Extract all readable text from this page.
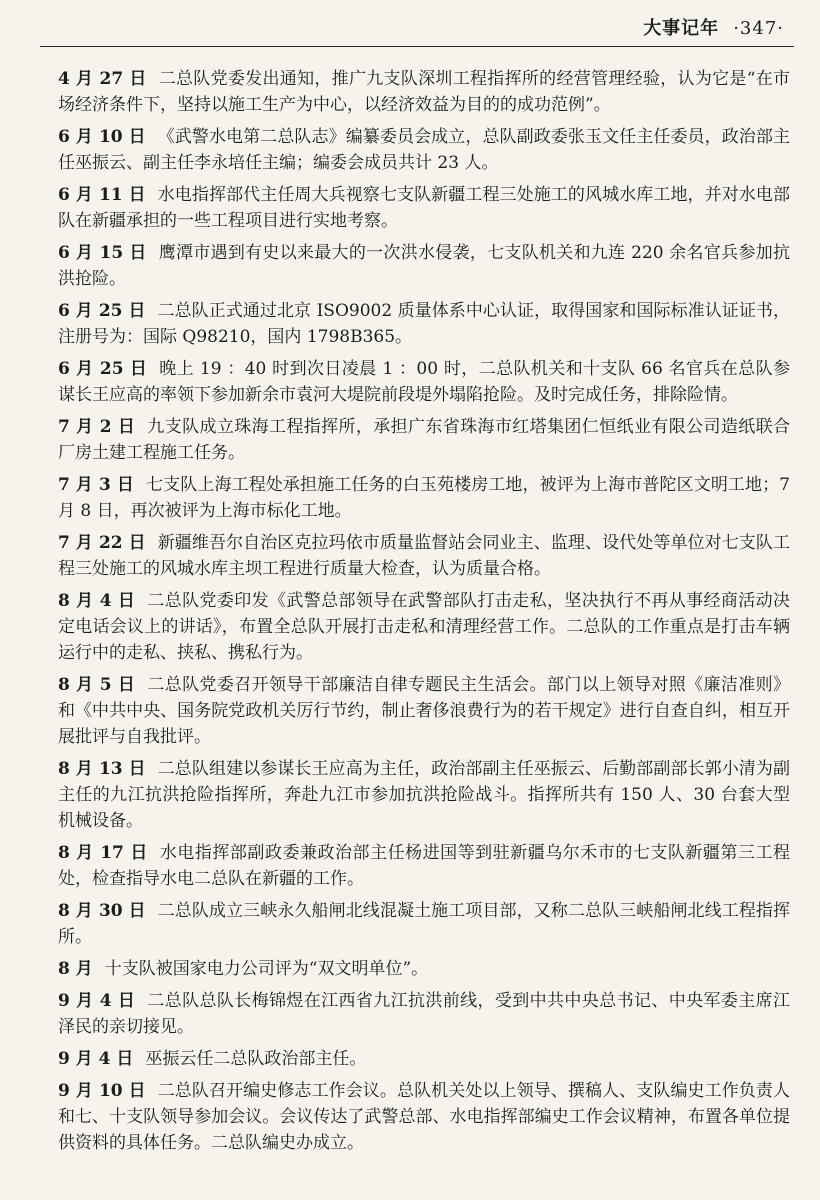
大事记年 ·347·

4 月 27 日 二总队党委发出通知，推广九支队深圳工程指挥所的经营管理经验，认为它是“在市场经济条件下，坚持以施工生产为中心，以经济效益为目的的成功范例”。

6 月 10 日 《武警水电第二总队志》编纂委员会成立，总队副政委张玉文任主任委员，政治部主任巫振云、副主任李永培任主编；编委会成员共计 23 人。

6 月 11 日 水电指挥部代主任周大兵视察七支队新疆工程三处施工的风城水库工地，并对水电部队在新疆承担的一些工程项目进行实地考察。

6 月 15 日 鹰潭市遇到有史以来最大的一次洪水侵袭，七支队机关和九连 220 余名官兵参加抗洪抢险。

6 月 25 日 二总队正式通过北京 ISO9002 质量体系中心认证，取得国家和国际标准认证证书，注册号为：国际 Q98210，国内 1798B365。

6 月 25 日 晚上 19 ：40 时到次日凌晨 1 ：00 时，二总队机关和十支队 66 名官兵在总队参谋长王应高的率领下参加新余市袁河大堤院前段堤外塌陷抢险。及时完成任务，排除险情。

7 月 2 日 九支队成立珠海工程指挥所，承担广东省珠海市红塔集团仁恒纸业有限公司造纸联合厂房土建工程施工任务。

7 月 3 日 七支队上海工程处承担施工任务的白玉苑楼房工地，被评为上海市普陀区文明工地；7 月 8 日，再次被评为上海市标化工地。

7 月 22 日 新疆维吾尔自治区克拉玛依市质量监督站会同业主、监理、设代处等单位对七支队工程三处施工的风城水库主坝工程进行质量大检查，认为质量合格。

8 月 4 日 二总队党委印发《武警总部领导在武警部队打击走私，坚决执行不再从事经商活动决定电话会议上的讲话》，布置全总队开展打击走私和清理经营工作。二总队的工作重点是打击车辆运行中的走私、挟私、携私行为。

8 月 5 日 二总队党委召开领导干部廉洁自律专题民主生活会。部门以上领导对照《廉洁准则》和《中共中央、国务院党政机关厉行节约，制止奢侈浪费行为的若干规定》进行自查自纠，相互开展批评与自我批评。

8 月 13 日 二总队组建以参谋长王应高为主任，政治部副主任巫振云、后勤部副部长郭小清为副主任的九江抗洪抢险指挥所，奔赴九江市参加抗洪抢险战斗。指挥所共有 150 人、30 台套大型机械设备。

8 月 17 日 水电指挥部副政委兼政治部主任杨进国等到驻新疆乌尔禾市的七支队新疆第三工程处，检查指导水电二总队在新疆的工作。

8 月 30 日 二总队成立三峡永久船闸北线混凝土施工项目部，又称二总队三峡船闸北线工程指挥所。

8 月 十支队被国家电力公司评为“双文明单位”。

9 月 4 日 二总队总队长梅锦煜在江西省九江抗洪前线，受到中共中央总书记、中央军委主席江泽民的亲切接见。

9 月 4 日 巫振云任二总队政治部主任。

9 月 10 日 二总队召开编史修志工作会议。总队机关处以上领导、撰稿人、支队编史工作负责人和七、十支队领导参加会议。会议传达了武警总部、水电指挥部编史工作会议精神，布置各单位提供资料的具体任务。二总队编史办成立。
